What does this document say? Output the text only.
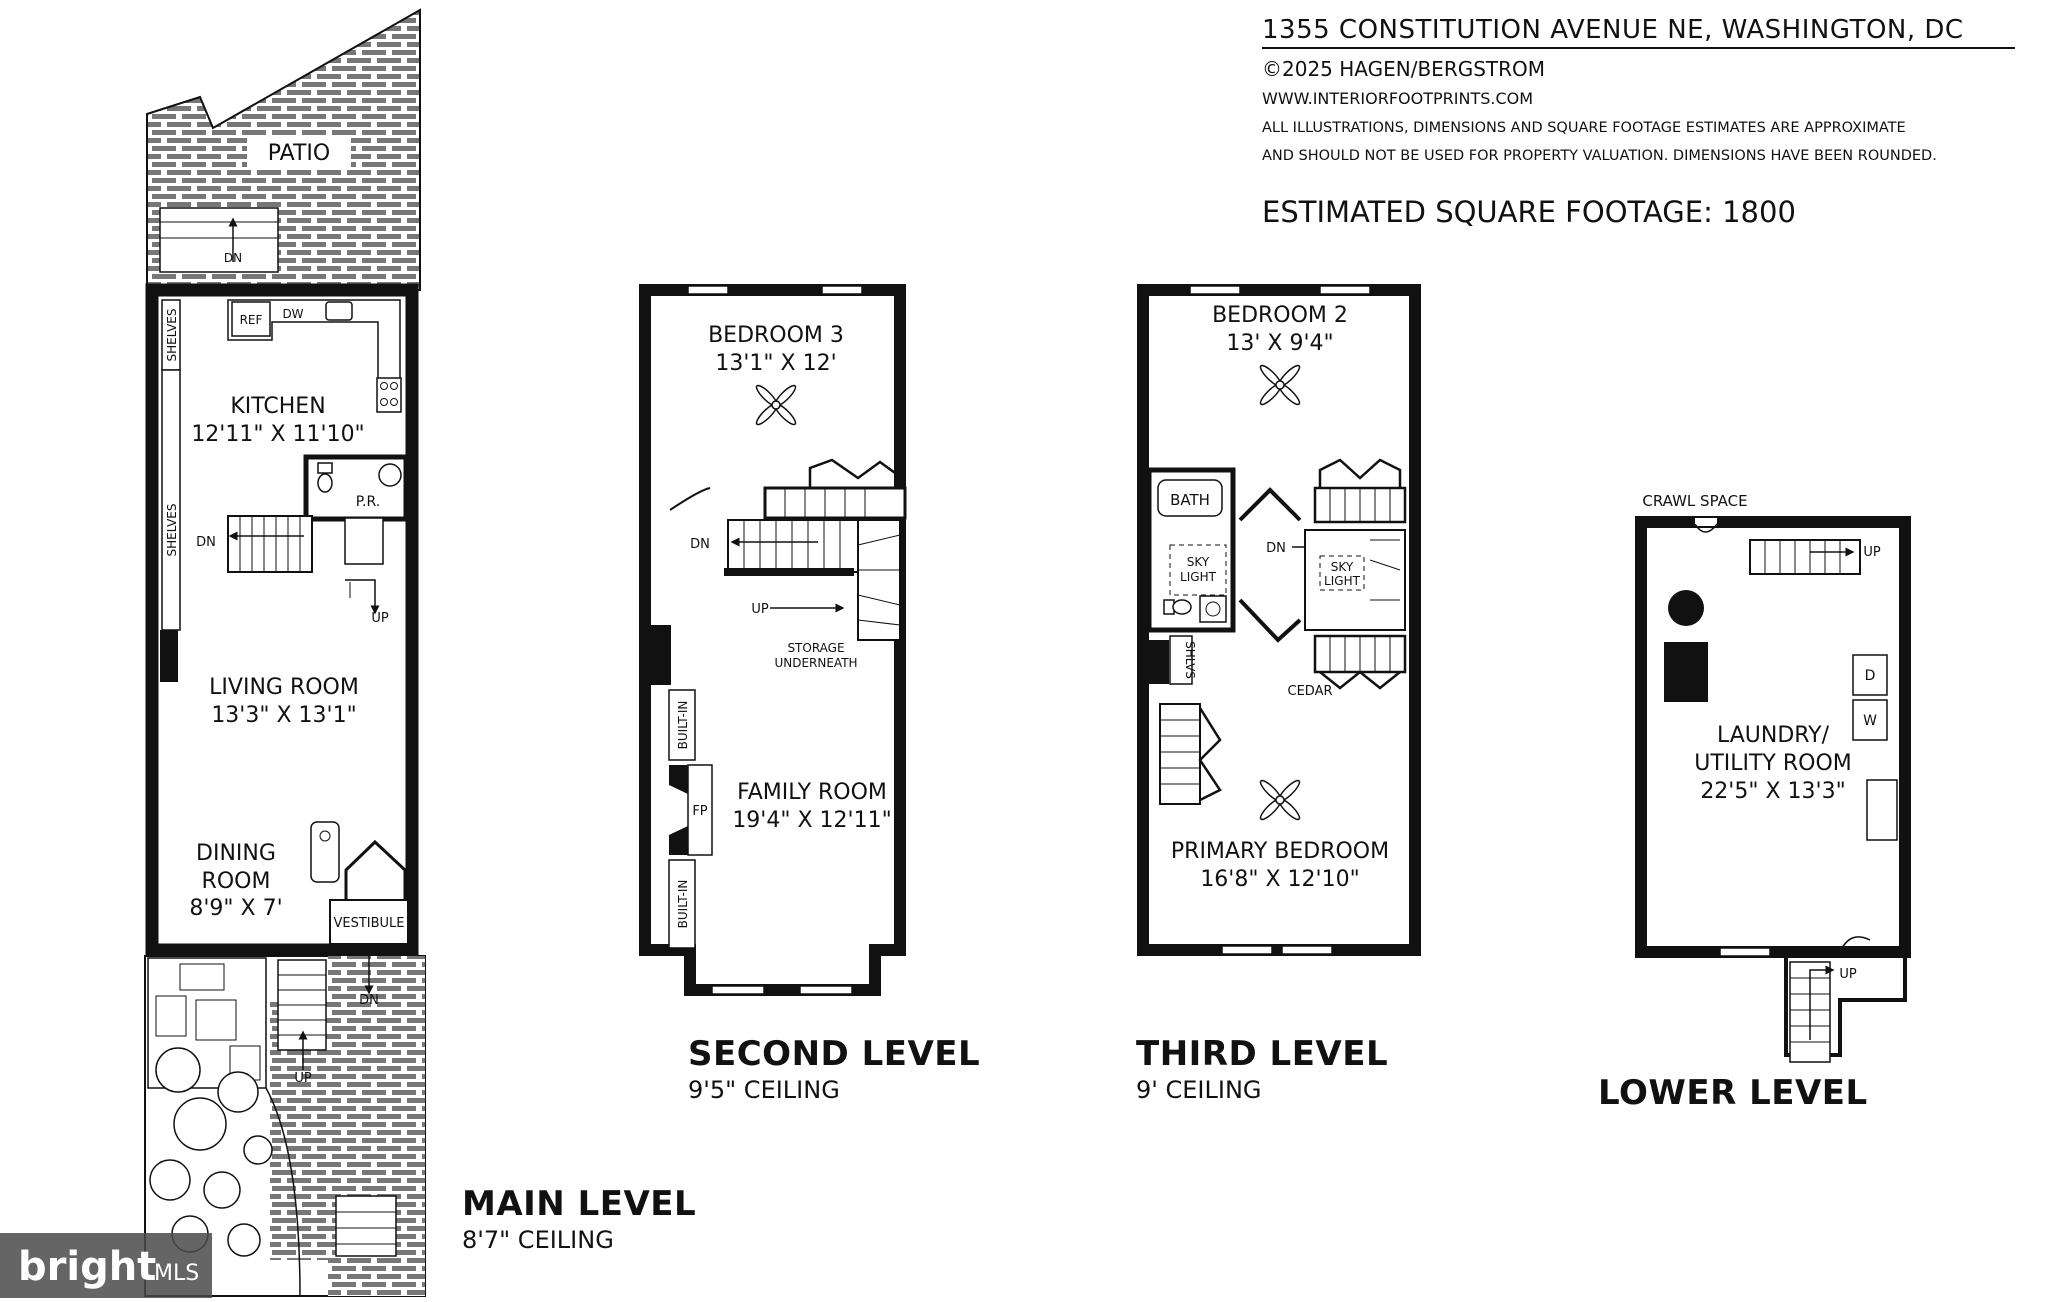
1355 CONSTITUTION AVENUE NE, WASHINGTON, DC
©2025 HAGEN/BERGSTROM
WWW.INTERIORFOOTPRINTS.COM
ALL ILLUSTRATIONS, DIMENSIONS AND SQUARE FOOTAGE ESTIMATES ARE APPROXIMATE
AND SHOULD NOT BE USED FOR PROPERTY VALUATION. DIMENSIONS HAVE BEEN ROUNDED.
ESTIMATED SQUARE FOOTAGE: 1800
PATIO
DN
SHELVES
SHELVES
REF DW
KITCHEN
12'11" X 11'10"
P.R.
DN
UP
LIVING ROOM
13'3" X 13'1"
VESTIBULE
DINING
ROOM
8'9" X 7'
UP
DN
MAIN LEVEL
8'7" CEILING
BEDROOM 3
13'1" X 12'
DN
UP
STORAGE
UNDERNEATH
BUILT-IN
FP
BUILT-IN
FAMILY ROOM
19'4" X 12'11"
SECOND LEVEL
9'5" CEILING
BEDROOM 2
13' X 9'4"
BATH
SKY
LIGHT
SHLVS
DN
SKY
LIGHT
CEDAR
PRIMARY BEDROOM
16'8" X 12'10"
THIRD LEVEL
9' CEILING
CRAWL SPACE
UP
D
W
LAUNDRY/
UTILITY ROOM
22'5" X 13'3"
UP
LOWER LEVEL
bright
MLS
